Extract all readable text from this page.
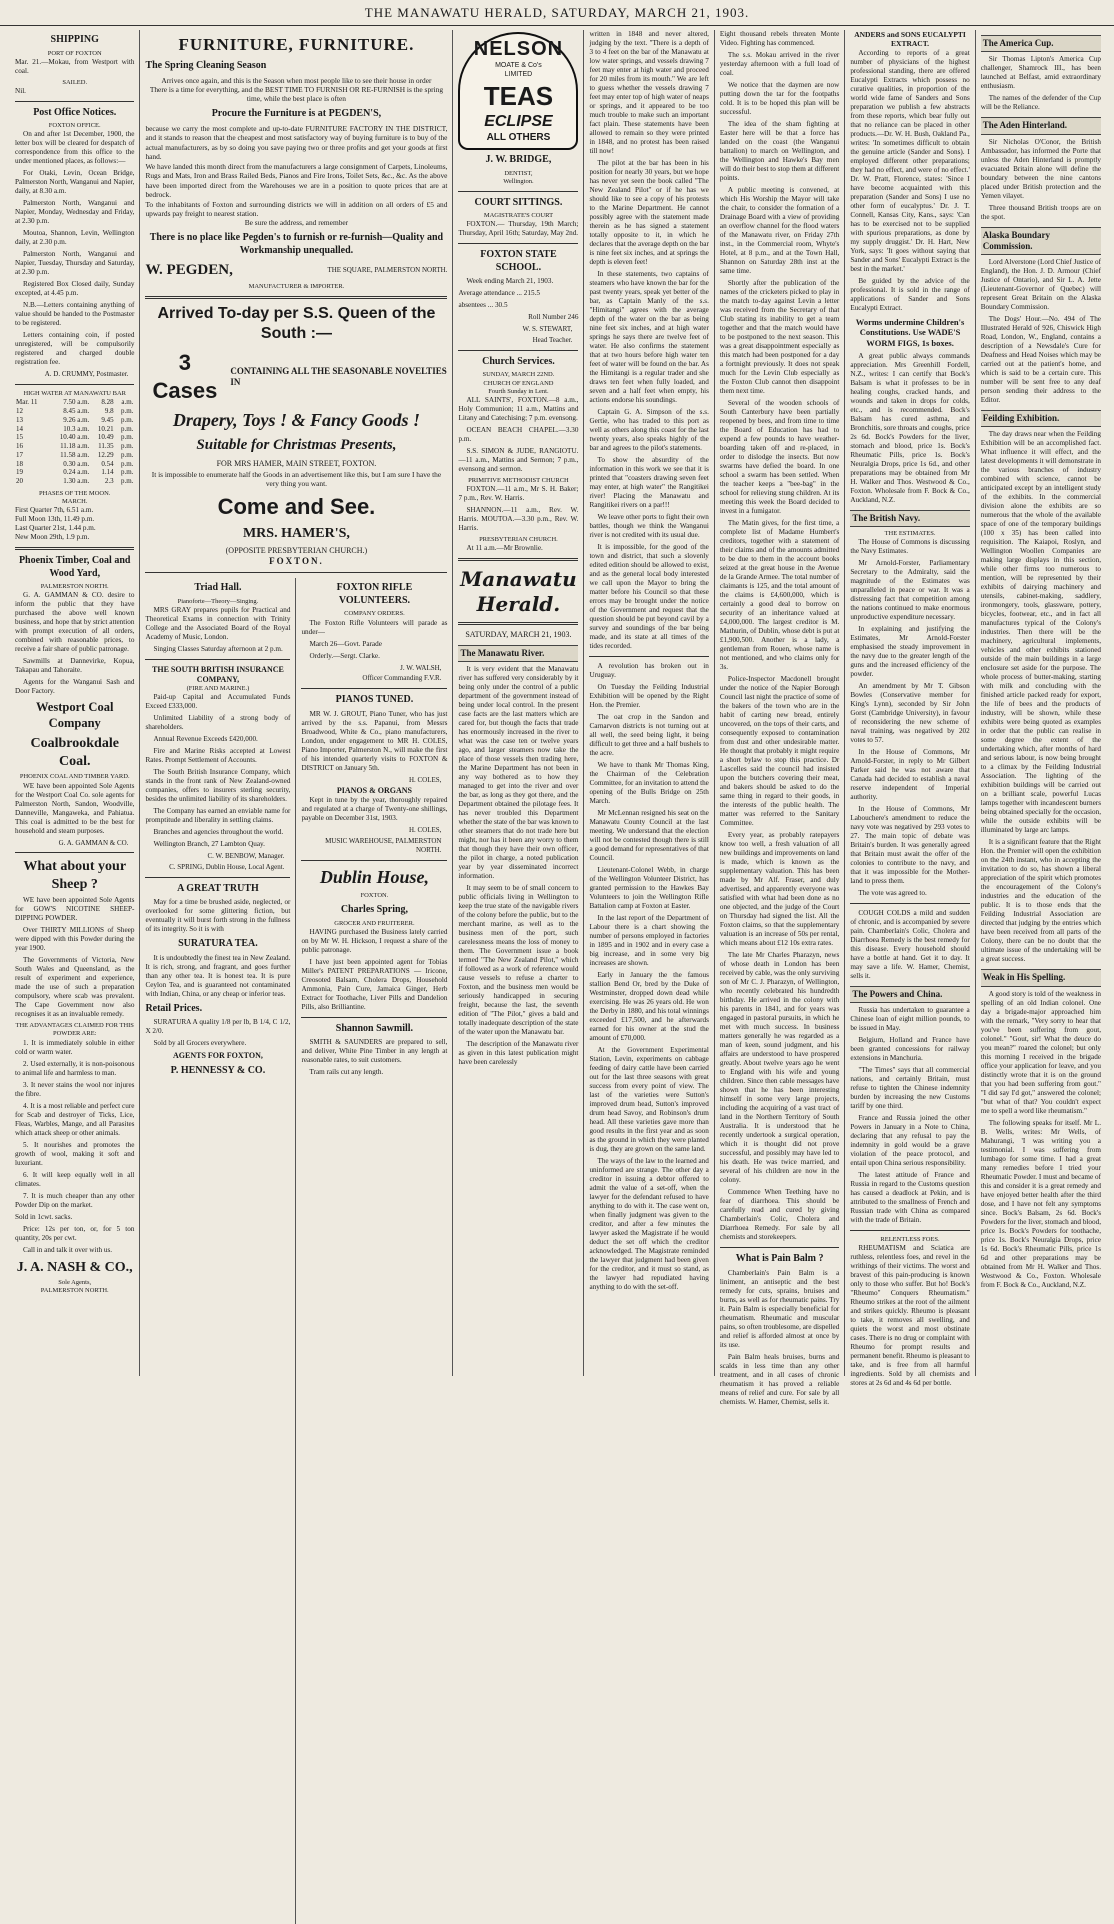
THE MANAWATU HERALD, SATURDAY, MARCH 21, 1903.
SHIPPING
PORT OF FOXTON

Mar. 21.—Mokau, from Westport with coal.

SAILED.

Nil.

Post Office Notices.
FOXTON OFFICE.

On and after 1st December, 1900, the letter box will be cleared for despatch of correspondence from this office to the under mentioned places, as follows:—

For Otaki, Levin, Ocean Bridge, Palmerston North, Wanganui and Napier, daily, at 8.30 a.m.

Palmerston North, Wanganui and Napier, Monday, Wednesday and Friday, at 2.30 p.m.

Moutoa, Shannon, Levin, Wellington daily, at 2.30 p.m.

Palmerston North, Wanganui and Napier, Tuesday, Thursday and Saturday, at 2.30 p.m.

Registered Box Closed daily, Sunday excepted, at 4.45 p.m.

N.B.—Letters containing anything of value should be handed to the Postmaster to be registered.

Letters containing coin, if posted unregistered, will be compulsorily registered and charged double registration fee.

A. D. CRUMMY, Postmaster.
HIGH WATER AT MANAWATU BAR
Mar. 11	7.50 a.m.	8.28	a.m.
12	8.45 a.m.	9.8	p.m.
13	9.26 a.m.	9.45	p.m.
14	10.3 a.m.	10.21	p.m.
15	10.40 a.m.	10.49	p.m.
16	11.18 a.m.	11.35	p.m.
17	11.58 a.m.	12.29	p.m.
18	0.30 a.m.	0.54	p.m.
19	0.24 a.m.	1.14	p.m.
20	1.30 a.m.	2.3	p.m.
PHASES OF THE MOON.
MARCH.
First Quarter 7th, 6.51 a.m.
Full Moon 13th, 11.49 p.m.
Last Quarter 21st, 1.44 p.m.
New Moon 29th, 1.9 p.m.
Phoenix Timber, Coal and Wood Yard,
PALMERSTON NORTH.

G. A. GAMMAN & CO. desire to inform the public that they have purchased the above well known business, and hope that by strict attention with prompt execution of all orders, combined with reasonable prices, to receive a fair share of public patronage.

Sawmills at Dannevirke, Kopua, Takapau and Tahoraite.

Agents for the Wanganui Sash and Door Factory.

Westport Coal Company
Coalbrookdale Coal.
PHOENIX COAL AND TIMBER YARD.

WE have been appointed Sole Agents for the Westport Coal Co. sole agents for Palmerston North, Sandon, Woodville, Danneville, Mangaweka, and Pahiatua. This coal is admitted to be the best for household and steam purposes.

G. A. GAMMAN & CO.
What about your Sheep ?

WE have been appointed Sole Agents for GOW'S NICOTINE SHEEP-DIPPING POWDER.

Over THIRTY MILLIONS of Sheep were dipped with this Powder during the year 1900.

The Governments of Victoria, New South Wales and Queensland, as the result of experiment and experience, made the use of such a preparation compulsory, where scab was prevalent. The Cape Government now also recognises it as an invaluable remedy.

THE ADVANTAGES CLAIMED FOR THIS POWDER ARE:

1. It is immediately soluble in either cold or warm water.

2. Used externally, it is non-poisonous to animal life and harmless to man.

3. It never stains the wool nor injures the fibre.

4. It is a most reliable and perfect cure for Scab and destroyer of Ticks, Lice, Fleas, Warbles, Mange, and all Parasites which attack sheep or other animals.

5. It nourishes and promotes the growth of wool, making it soft and luxuriant.

6. It will keep equally well in all climates.

7. It is much cheaper than any other Powder Dip on the market.

Sold in 1cwt. sacks.

Price: 12s per ton, or, for 5 ton quantity, 20s per cwt.

Call in and talk it over with us.

J. A. NASH & CO.,
Sole Agents,
PALMERSTON NORTH.
FURNITURE, FURNITURE.
The Spring Cleaning Season

Arrives once again, and this is the Season when most people like to see their house in order

There is a time for everything, and the BEST TIME TO FURNISH OR RE-FURNISH is the spring time, while the best place is often

Procure the Furniture is at PEGDEN'S,

because we carry the most complete and up-to-date FURNITURE FACTORY IN THE DISTRICT, and it stands to reason that the cheapest and most satisfactory way of buying furniture is to buy of the actual manufacturers, as by so doing you save paying two or three profits and get your goods at first hand.

We have landed this month direct from the manufacturers a large consignment of Carpets, Linoleums, Rugs and Mats, Iron and Brass Railed Beds, Pianos and Fire Irons, Toilet Sets, &c., &c. As the above have been imported direct from the Warehouses we are in a position to quote prices that are at bedrock.

To the inhabitants of Foxton and surrounding districts we will in addition on all orders of £5 and upwards pay freight to nearest station.

Be sure the address, and remember

There is no place like Pegden's to furnish or re-furnish—Quality and Workmanship unequalled.
W. PEGDEN,	THE SQUARE, PALMERSTON NORTH.
MANUFACTURER & IMPORTER.
Arrived To-day per S.S. Queen of the South :—
3 Cases
CONTAINING ALL THE SEASONABLE NOVELTIES IN
Drapery, Toys ! & Fancy Goods !
Suitable for Christmas Presents,
FOR MRS HAMER, MAIN STREET, FOXTON.

It is impossible to enumerate half the Goods in an advertisement like this, but I am sure I have the very thing you want.

Come and See.
MRS. HAMER'S,
(OPPOSITE PRESBYTERIAN CHURCH.)
FOXTON.
Triad Hall.
Pianoforte—Theory—Singing.

MRS GRAY prepares pupils for Practical and Theoretical Exams in connection with Trinity College and the Associated Board of the Royal Academy of Music, London.

Singing Classes Saturday afternoon at 2 p.m.

THE SOUTH BRITISH INSURANCE COMPANY,
(FIRE AND MARINE.)

Paid-up Capital and Accumulated Funds Exceed £333,000.

Unlimited Liability of a strong body of shareholders.

Annual Revenue Exceeds £420,000.

Fire and Marine Risks accepted at Lowest Rates. Prompt Settlement of Accounts.

The South British Insurance Company, which stands in the front rank of New Zealand-owned companies, offers to insurers sterling security, besides the unlimited liability of its shareholders.

The Company has earned an enviable name for promptitude and liberality in settling claims.

Branches and agencies throughout the world.

Wellington Branch, 27 Lambton Quay.

C. W. BENBOW, Manager.
C. SPRING, Dublin House, Local Agent.
A GREAT TRUTH

May for a time be brushed aside, neglected, or overlooked for some glittering fiction, but eventually it will burst forth strong in the fullness of its integrity. So it is with

SURATURA TEA.

It is undoubtedly the finest tea in New Zealand. It is rich, strong, and fragrant, and goes further than any other tea. It is honest tea. It is pure Ceylon Tea, and is guaranteed not contaminated with Indian, China, or any cheap or inferior teas.

Retail Prices.

SURATURA A quality 1/8 per lb, B 1/4, C 1/2, X 2/0.

Sold by all Grocers everywhere.

AGENTS FOR FOXTON,
P. HENNESSY & CO.
FOXTON RIFLE VOLUNTEERS.
COMPANY ORDERS.

The Foxton Rifle Volunteers will parade as under—

March 26—Govt. Parade

Orderly.—Sergt. Clarke.

J. W. WALSH,
Officer Commanding F.V.R.
PIANOS TUNED.

MR W. J. GROUT, Piano Tuner, who has just arrived by the s.s. Papanui, from Messrs Broadwood, White & Co., piano manufacturers, London, under engagement to MR H. COLES, Piano Importer, Palmerston N., will make the first of his intended quarterly visits to FOXTON & DISTRICT on January 5th.

H. COLES,
PIANOS & ORGANS

Kept in tune by the year, thoroughly repaired and regulated at a charge of Twenty-one shillings, payable on December 31st, 1903.

H. COLES,
MUSIC WAREHOUSE, PALMERSTON NORTH.
Dublin House,
FOXTON.
Charles Spring,
GROCER AND FRUITERER.

HAVING purchased the Business lately carried on by Mr W. H. Hickson, I request a share of the public patronage.

I have just been appointed agent for Tobias Miller's PATENT PREPARATIONS — Iricone, Creosoted Balsam, Cholera Drops, Household Ammonia, Pain Cure, Jamaica Ginger, Herb Extract for Toothache, Liver Pills and Dandelion Pills, also Brilliantine.

Shannon Sawmill.

SMITH & SAUNDERS are prepared to sell, and deliver, White Pine Timber in any length at reasonable rates, to suit customers.

Tram rails cut any length.

NELSON
MOATE & Co's
LIMITED
TEAS
ECLIPSE
ALL OTHERS
J. W. BRIDGE,
DENTIST,
Wellington.
COURT SITTINGS.
MAGISTRATE'S COURT

FOXTON.— Thursday, 19th March; Thursday, April 16th; Saturday, May 2nd.

FOXTON STATE SCHOOL.

Week ending March 21, 1903.

Average attendance ... 215.5

absentees ... 30.5

Roll Number 246

W. S. STEWART,
Head Teacher.
Church Services.
SUNDAY, MARCH 22ND.
CHURCH OF ENGLAND
Fourth Sunday in Lent.

ALL SAINTS', FOXTON.—8 a.m., Holy Communion; 11 a.m., Mattins and Litany and Catechising; 7 p.m. evensong.

OCEAN BEACH CHAPEL.—3.30 p.m.

S.S. SIMON & JUDE, RANGIOTU.—11 a.m., Mattins and Sermon; 7 p.m., evensong and sermon.

PRIMITIVE METHODIST CHURCH

FOXTON.—11 a.m., Mr S. H. Baker; 7 p.m., Rev. W. Harris.

SHANNON.—11 a.m., Rev. W. Harris. MOUTOA.—3.30 p.m., Rev. W. Harris.

PRESBYTERIAN CHURCH.

At 11 a.m.—Mr Brownlie.

Manawatu Herald.
SATURDAY, MARCH 21, 1903.
The Manawatu River.

It is very evident that the Manawatu river has suffered very considerably by it being only under the control of a public department of the government instead of being under local control. In the present case facts are the last matters which are cared for, but though the facts that trade has enormously increased in the river to what was the case ten or twelve years ago, and larger steamers now take the place of those vessels then trading here, the Marine Department has not been in any way bothered as to how they managed to get into the river and over the bar, as long as they got there, and the Department obtained the pilotage fees. It has never troubled this Department whether the state of the bar was known to other steamers that do not trade here but might, nor has it been any worry to them that though they have their own officer, the pilot in charge, a noted publication year by year disseminated incorrect information.

It may seem to be of small concern to public officials living in Wellington to keep the true state of the navigable rivers of the colony before the public, but to the merchant marine, as well as to the business men of the port, such carelessness means the loss of money to them. The Government issue a book termed "The New Zealand Pilot," which if followed as a work of reference would cause vessels to refuse a charter to Foxton, and the business men would be seriously handicapped in securing freight, because the last, the seventh edition of "The Pilot," gives a bald and totally inadequate description of the state of the water upon the Manawatu bar.

The description of the Manawatu river as given in this latest publication might have been carelessly

written in 1848 and never altered, judging by the text. "There is a depth of 3 to 4 feet on the bar of the Manawatu at low water springs, and vessels drawing 7 feet may enter at high water and proceed for 20 miles from its mouth." We are left to guess whether the vessels drawing 7 feet may enter top of high water of neaps or springs, and it appeared to be too much trouble to make such an important fact plain. These statements have been allowed to remain so they were printed in 1848, and no protest has been raised till now!

The pilot at the bar has been in his position for nearly 30 years, but we hope has never yet seen the book called "The New Zealand Pilot" or if he has we should like to see a copy of his protests to the Marine Department. He cannot possibly agree with the statement made therein as he has signed a statement totally opposite to it, in which he declares that the average depth on the bar is nine feet six inches, and at springs the depth is eleven feet!

In these statements, two captains of steamers who have known the bar for the past twenty years, speak yet better of the bar, as Captain Manly of the s.s. "Himitangi" agrees with the average depth of the water on the bar as being nine feet six inches, and at high water springs he says there are twelve feet of water. He also confirms the statement that at two hours before high water ten feet of water will be found on the bar. As the Himitangi is a regular trader and she draws ten feet when fully loaded, and seven and a half feet when empty, his actions endorse his soundings.

Captain G. A. Simpson of the s.s. Gertie, who has traded to this port as well as others along this coast for the last twenty years, also speaks highly of the bar and agrees to the pilot's statements.

To show the absurdity of the information in this work we see that it is printed that "coasters drawing seven feet may enter, at high water" the Rangitikei river! Placing the Manawatu and Rangitikei rivers on a par!!!

We leave other ports to fight their own battles, though we think the Wanganui river is not credited with its usual due.

It is impossible, for the good of the town and district, that such a slovenly edited edition should be allowed to exist, and as the general local body interested we call upon the Mayor to bring the matter before his Council so that these errors may be brought under the notice of the Government and request that the question should be put beyond cavil by a survey and soundings of the bar being made, and its state at all times of the tides recorded.

A revolution has broken out in Uruguay.

On Tuesday the Feilding Industrial Exhibition will be opened by the Right Hon. the Premier.

The oat crop in the Sandon and Carnarvon districts is not turning out at all well, the seed being light, it being difficult to get three and a half bushels to the acre.

We have to thank Mr Thomas King, the Chairman of the Celebration Committee, for an invitation to attend the opening of the Bulls Bridge on 25th March.

Mr McLennan resigned his seat on the Manawatu County Council at the last meeting. We understand that the election will not be contested though there is still a good demand for representatives of that Council.

Lieutenant-Colonel Webb, in charge of the Wellington Volunteer District, has granted permission to the Hawkes Bay Volunteers to join the Wellington Rifle Battalion camp at Foxton at Easter.

In the last report of the Department of Labour there is a chart showing the number of persons employed in factories in 1895 and in 1902 and in every case a big increase, and in some very big increases are shown.

Early in January the the famous stallion Bend Or, bred by the Duke of Westminster, dropped down dead while exercising. He was 26 years old. He won the Derby in 1880, and his total winnings exceeded £17,500, and he afterwards earned for his owner at the stud the amount of £70,000.

At the Government Experimental Station, Levin, experiments on cabbage feeding of dairy cattle have been carried out for the last three seasons with great success from every point of view. The last of the varieties were Sutton's improved drum head, Sutton's improved drum head Savoy, and Robinson's drum head. All these varieties gave more than good results in the first year and as soon as the ground in which they were planted is dug, they are grown on the same land.

The ways of the law to the learned and uninformed are strange. The other day a creditor in issuing a debtor offered to admit the value of a set-off, when the lawyer for the defendant refused to have anything to do with it. The case went on, when finally judgment was given to the creditor, and after a few minutes the lawyer asked the Magistrate if he would deduct the set off which the creditor acknowledged. The Magistrate reminded the lawyer that judgment had been given for the creditor, and it must so stand, as the lawyer had repudiated having anything to do with the set-off.

Eight thousand rebels threaten Monte Video. Fighting has commenced.

The s.s. Mokau arrived in the river yesterday afternoon with a full load of coal.

We notice that the daymen are now putting down the tar for the footpaths cold. It is to be hoped this plan will be successful.

The idea of the sham fighting at Easter here will be that a force has landed on the coast (the Wanganui battalion) to march on Wellington, and the Wellington and Hawke's Bay men will do their best to stop them at different points.

A public meeting is convened, at which His Worship the Mayor will take the chair, to consider the formation of a Drainage Board with a view of providing an overflow channel for the flood waters of the Manawatu river, on Friday 27th inst., in the Commercial room, Whyte's Hotel, at 8 p.m., and at the Town Hall, Shannon on Saturday 28th inst at the same time.

Shortly after the publication of the names of the cricketers picked to play in the match to-day against Levin a letter was received from the Secretary of that Club stating its inability to get a team together and that the match would have to be postponed to the next season. This was a great disappointment especially as this match had been postponed for a day a fortnight previously. It does not speak much for the Levin Club especially as the Foxton Club cannot then disappoint them next time.

Several of the wooden schools of South Canterbury have been partially reopened by bees, and from time to time the Board of Education has had to expend a few pounds to have weather-boarding taken off and re-placed, in order to dislodge the insects. But now swarms have defied the board. In one school a swarm has been settled. When the teacher keeps a "bee-bag" in the school for relieving stung children. At its meeting this week the Board decided to invest in a fumigator.

The Matin gives, for the first time, a complete list of Madame Humbert's creditors, together with a statement of their claims and of the amounts admitted to be due to them in the account books seized at the great house in the Avenue de la Grande Armee. The total number of claimants is 125, and the total amount of the claims is £4,600,000, which is certainly a good deal to borrow on security of an inheritance valued at £4,000,000. The largest creditor is M. Mathurin, of Dublin, whose debt is put at £1,900,500. Another is a lady, a gentleman from Rouen, whose name is not mentioned, and who claims only for 3s.

Police-Inspector Macdonell brought under the notice of the Napier Borough Council last night the practice of some of the bakers of the town who are in the habit of carting new bread, entirely uncovered, on the tops of their carts, and consequently exposed to contamination from dust and other undesirable matter. He thought that probably it might require a short bylaw to stop this practice. Dr Lascelles said the council had insisted upon the butchers covering their meat, and bakers should be asked to do the same thing in regard to their goods, in the interests of the public health. The matter was referred to the Sanitary Committee.

Every year, as probably ratepayers know too well, a fresh valuation of all new buildings and improvements on land is made, which is known as the supplementary valuation. This has been made by Mr Alf. Fraser, and duly advertised, and apparently everyone was satisfied with what had been done as no one objected, and the judge of the Court on Thursday had signed the list. All the Foxton claims, so that the supplementary valuation is an increase of 50s per rental, which means about £12 10s extra rates.

The late Mr Charles Pharazyn, news of whose death in London has been received by cable, was the only surviving son of Mr C. J. Pharazyn, of Wellington, who recently celebrated his hundredth birthday. He arrived in the colony with his parents in 1841, and for years was engaged in pastoral pursuits, in which he met with much success. In business matters generally he was regarded as a man of keen, sound judgment, and his affairs are understood to have prospered greatly. About twelve years ago he went to England with his wife and young children. Since then cable messages have shown that he has been interesting himself in some very large projects, including the acquiring of a vast tract of land in the Northern Territory of South Australia. It is understood that he recently undertook a surgical operation, which it is thought did not prove successful, and possibly may have led to his death. He was twice married, and several of his children are now in the colony.

Commence When Teething have no fear of diarrhoea. This should be carefully read and cured by giving Chamberlain's Colic, Cholera and Diarrhoea Remedy. For sale by all chemists and storekeepers.

What is Pain Balm ?

Chamberlain's Pain Balm is a liniment, an antiseptic and the best remedy for cuts, sprains, bruises and burns, as well as for rheumatic pains. Try it. Pain Balm is especially beneficial for rheumatism. Rheumatic and muscular pains, so often troublesome, are dispelled and relief is afforded almost at once by its use.

Pain Balm heals bruises, burns and scalds in less time than any other treatment, and in all cases of chronic rheumatism it has proved a reliable means of relief and cure. For sale by all chemists. W. Hamer, Chemist, sells it.

ANDERS and SONS EUCALYPTI EXTRACT.

According to reports of a great number of physicians of the highest professional standing, there are offered Eucalypti Extracts which possess no curative qualities, in proportion of the world wide fame of Sanders and Sons preparation we publish a few abstracts from these reports, which bear fully out that no reliance can be placed in other products.—Dr. W. H. Bush, Oakland Pa., writes: 'In sometimes difficult to obtain the genuine article (Sander and Sons). I employed different other preparations; they had no effect, and were of no effect.' Dr. W. Pratt, Florence, states: 'Since I have become acquainted with this preparation (Sander and Sons) I use no other form of eucalyptus.' Dr. J. T. Connell, Kansas City, Kans., says: 'Can has to be exercised not to be supplied with spurious preparations, as done by my supply druggist.' Dr. H. Hart, New York, says: 'It goes without saying that Sander and Sons' Eucalypti Extract is the best in the market.'

Be guided by the advice of the professional. It is sold in the range of applications of Sander and Sons Eucalypti Extract.

Worms undermine Children's Constitutions. Use WADE'S WORM FIGS, 1s boxes.

A great public always commands appreciation. Mrs Greenhill Fordell, N.Z., writes: I can certify that Bock's Balsam is what it professes to be in healing coughs, cracked hands, and wounds and taken in drops for colds, etc., and is recommended. Bock's Balsam has cured asthma, and Bronchitis, sore throats and coughs, price 2s 6d. Bock's Powders for the liver, stomach and blood, price 1s. Bock's Rheumatic Pills, price 1s. Bock's Neuralgia Drops, price 1s 6d., and other preparations may be obtained from Mr H. Walker and Thos. Westwood & Co., Foxton. Wholesale from F. Bock & Co., Auckland, N.Z.

The British Navy.
THE ESTIMATES.

The House of Commons is discussing the Navy Estimates.

Mr Arnold-Forster, Parliamentary Secretary to the Admiralty, said the magnitude of the Estimates was unparalleled in peace or war. It was a distressing fact that competition among the nations continued to make enormous unproductive expenditure necessary.

In explaining and justifying the Estimates, Mr Arnold-Forster emphasised the steady improvement in the navy due to the greater length of the guns and the increased efficiency of the powder.

An amendment by Mr T. Gibson Bowles (Conservative member for King's Lynn), seconded by Sir John Gorst (Cambridge University), in favour of reconsidering the new scheme of naval training, was negatived by 202 votes to 57.

In the House of Commons, Mr Arnold-Forster, in reply to Mr Gilbert Parker said he was not aware that Canada had decided to establish a naval reserve independent of Imperial authority.

In the House of Commons, Mr Labouchere's amendment to reduce the navy vote was negatived by 293 votes to 27. The main topic of debate was Britain's burden. It was generally agreed that Britain must await the offer of the colonies to contribute to the navy, and that it was impossible for the Mother-land to press them.

The vote was agreed to.

COUGH COLDS a mild and sudden of chronic, and is accompanied by severe pain. Chamberlain's Colic, Cholera and Diarrhoea Remedy is the best remedy for this disease. Every household should have a bottle at hand. Get it to day. It may save a life. W. Hamer, Chemist, sells it.

The Powers and China.

Russia has undertaken to guarantee a Chinese loan of eight million pounds, to be issued in May.

Belgium, Holland and France have been granted concessions for railway extensions in Manchuria.

"The Times" says that all commercial nations, and certainly Britain, must refuse to tighten the Chinese indemnity burden by increasing the new Customs tariff by one third.

France and Russia joined the other Powers in January in a Note to China, declaring that any refusal to pay the indemnity in gold would be a grave violation of the peace protocol, and entail upon China serious responsibility.

The latest attitude of France and Russia in regard to the Customs question has caused a deadlock at Pekin, and is attributed to the smallness of French and Russian trade with China as compared with the trade of Britain.

RELENTLESS FOES.

RHEUMATISM and Sciatica are ruthless, relentless foes, and revel in the writhings of their victims. The worst and bravest of this pain-producing is known only to those who suffer. But ho! Bock's "Rheumo" Conquers Rheumatism." Rheumo strikes at the root of the ailment and strikes quickly. Rheumo is pleasant to take, it removes all swelling, and quiets the worst and most obstinate cases. There is no drug or complaint with Rheumo for prompt results and permanent benefit. Rheumo is pleasant to take, and is free from all harmful ingredients. Sold by all chemists and stores at 2s 6d and 4s 6d per bottle.

The America Cup.

Sir Thomas Lipton's America Cup challenger, Shamrock III., has been launched at Belfast, amid extraordinary enthusiasm.

The names of the defender of the Cup will be the Reliance.

The Aden Hinterland.

Sir Nicholas O'Conor, the British Ambassador, has informed the Porte that unless the Aden Hinterland is promptly evacuated Britain alone will define the boundary between the nine cantons placed under British protection and the Yemen vilayet.

Three thousand British troops are on the spot.

Alaska Boundary Commission.

Lord Alverstone (Lord Chief Justice of England), the Hon. J. D. Armour (Chief Justice of Ontario), and Sir L. A. Jette (Lieutenant-Governor of Quebec) will represent Great Britain on the Alaska Boundary Commission.

The Dogs' Hour.—No. 494 of The Illustrated Herald of 926, Chiswick High Road, London, W., England, contains a description of a Newsdale's Cure for Deafness and Head Noises which may be carried out at the patient's home, and which is said to be a certain cure. This number will be sent free to any deaf person sending their address to the Editor.

Feilding Exhibition.

The day draws near when the Feilding Exhibition will be an accomplished fact. What influence it will effect, and the latest developments it will demonstrate in the various branches of industry combined with science, cannot be anticipated except by an intelligent study of the exhibits. In the commercial division alone the exhibits are so numerous that the whole of the available space of one of the temporary buildings (100 x 35) has been called into requisition. The Kaiapoi, Roslyn, and Wellington Woollen Companies are making large displays in this section, while other firms too numerous to mention, will be represented by their exhibits of dairying machinery and utensils, cabinet-making, saddlery, ironmongery, tools, glassware, pottery, bicycles, footwear, etc., and in fact all manufactures typical of the Colony's industries. Then there will be the machinery, agricultural implements, vehicles and other exhibits stationed outside of the main buildings in a large enclosure set aside for the purpose. The whole process of butter-making, starting with milk and concluding with the finished article packed ready for export, the life of bees and the products of industry, will be shown, while these exhibits were being quoted as examples in order that the public can realise in some degree the extent of the undertaking which, after months of hard and serious labour, is now being brought to a climax by the Feilding Industrial Association. The lighting of the exhibition buildings will be carried out on a brilliant scale, powerful Lucas lamps together with incandescent burners being obtained specially for the occasion, while the outside exhibits will be illuminated by large arc lamps.

It is a significant feature that the Right Hon. the Premier will open the exhibition on the 24th instant, who in accepting the invitation to do so, has shown a liberal appreciation of the spirit which promotes the encouragement of the Colony's industries and the education of the public. It is to those ends that the Feilding Industrial Association are directed that judging by the entries which have been received from all parts of the Colony, there can be no doubt that the ultimate issue of the undertaking will be a great success.

Weak in His Spelling.

A good story is told of the weakness in spelling of an old Indian colonel. One day a brigade-major approached him with the remark, "Very sorry to hear that you've been suffering from gout, colonel." "Gout, sir! What the deuce do you mean?" roared the colonel; but only this morning I received in the brigade office your application for leave, and you distinctly wrote that it is on the ground that you had been suffering from gout." "I did say I'd got," answered the colonel; "but what of that? You couldn't expect me to spell a word like rheumatism."

The following speaks for itself. Mr L. B. Wells, writes: Mr Wells, of Mahurangi, 'I was writing you a testimonial. I was suffering from lumbago for some time. I had a great many remedies before I tried your Rheumatic Powder. I must and became of this and consider it is a great remedy and have enjoyed better health after the third dose, and I have not felt any symptoms since. Bock's Balsam, 2s 6d. Bock's Powders for the liver, stomach and blood, price 1s. Bock's Powders for toothache, price 1s. Bock's Neuralgia Drops, price 1s 6d. Bock's Rheumatic Pills, price 1s 6d and other preparations may be obtained from Mr H. Walker and Thos. Westwood & Co., Foxton. Wholesale from F. Bock & Co., Auckland, N.Z.
